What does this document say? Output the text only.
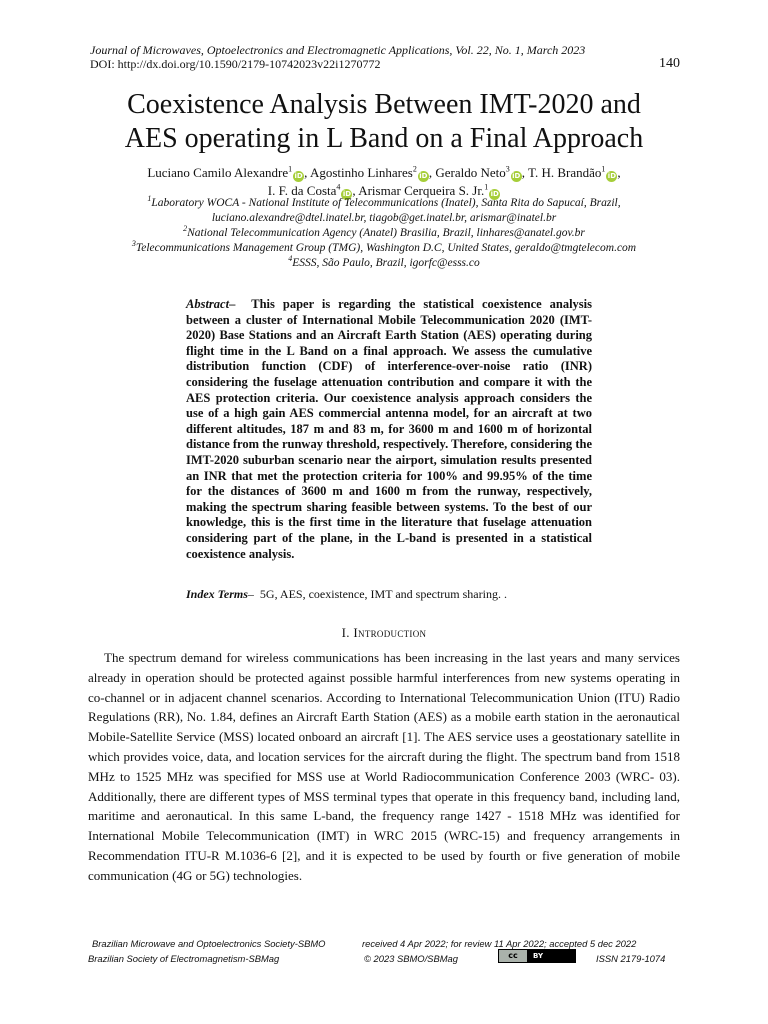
Journal of Microwaves, Optoelectronics and Electromagnetic Applications, Vol. 22, No. 1, March 2023
DOI: http://dx.doi.org/10.1590/2179-10742023v22i1270772	140
Coexistence Analysis Between IMT-2020 and
AES operating in L Band on a Final Approach
Luciano Camilo Alexandre$^1$iD, Agostinho Linhares$^2$iD, Geraldo Neto$^3$iD, T. H. Brandão$^1$iD,
I. F. da Costa$^4$iD, Arismar Cerqueira S. Jr.$^1$iD
$^1$Laboratory WOCA - National Institute of Telecommunications (Inatel), Santa Rita do Sapucaí, Brazil,
luciano.alexandre@dtel.inatel.br, tiagob@get.inatel.br, arismar@inatel.br
$^2$National Telecommunication Agency (Anatel) Brasilia, Brazil, linhares@anatel.gov.br
$^3$Telecommunications Management Group (TMG), Washington D.C, United States, geraldo@tmgtelecom.com
$^4$ESSS, São Paulo, Brazil, igorfc@esss.co
Abstract– This paper is regarding the statistical coexistence analysis between a cluster of International Mobile Telecommunication 2020 (IMT-2020) Base Stations and an Aircraft Earth Station (AES) operating during flight time in the L Band on a final approach. We assess the cumulative distribution function (CDF) of interference-over-noise ratio (INR) considering the fuselage attenuation contribution and compare it with the AES protection criteria. Our coexistence analysis approach considers the use of a high gain AES commercial antenna model, for an aircraft at two different altitudes, 187 m and 83 m, for 3600 m and 1600 m of horizontal distance from the runway threshold, respectively. Therefore, considering the IMT-2020 suburban scenario near the airport, simulation results presented an INR that met the protection criteria for 100% and 99.95% of the time for the distances of 3600 m and 1600 m from the runway, respectively, making the spectrum sharing feasible between systems. To the best of our knowledge, this is the first time in the literature that fuselage attenuation considering part of the plane, in the L-band is presented in a statistical coexistence analysis.
Index Terms– 5G, AES, coexistence, IMT and spectrum sharing. .
I. Introduction

The spectrum demand for wireless communications has been increasing in the last years and many services already in operation should be protected against possible harmful interferences from new systems operating in co-channel or in adjacent channel scenarios. According to International Telecommunication Union (ITU) Radio Regulations (RR), No. 1.84, defines an Aircraft Earth Station (AES) as a mobile earth station in the aeronautical Mobile-Satellite Service (MSS) located onboard an aircraft [1]. The AES service uses a geostationary satellite in which provides voice, data, and location services for the aircraft during the flight. The spectrum band from 1518 MHz to 1525 MHz was specified for MSS use at World Radiocommunication Conference 2003 (WRC- 03). Additionally, there are different types of MSS terminal types that operate in this frequency band, including land, maritime and aeronautical. In this same L-band, the frequency range 1427 - 1518 MHz was identified for International Mobile Telecommunication (IMT) in WRC 2015 (WRC-15) and frequency arrangements in Recommendation ITU-R M.1036-6 [2], and it is expected to be used by fourth or five generation of mobile communication (4G or 5G) technologies.

Brazilian Microwave and Optoelectronics Society-SBMO	received 4 Apr 2022; for review 11 Apr 2022; accepted 5 dec 2022
Brazilian Society of Electromagnetism-SBMag	© 2023 SBMO/SBMag	ISSN 2179-1074
cc	BY
